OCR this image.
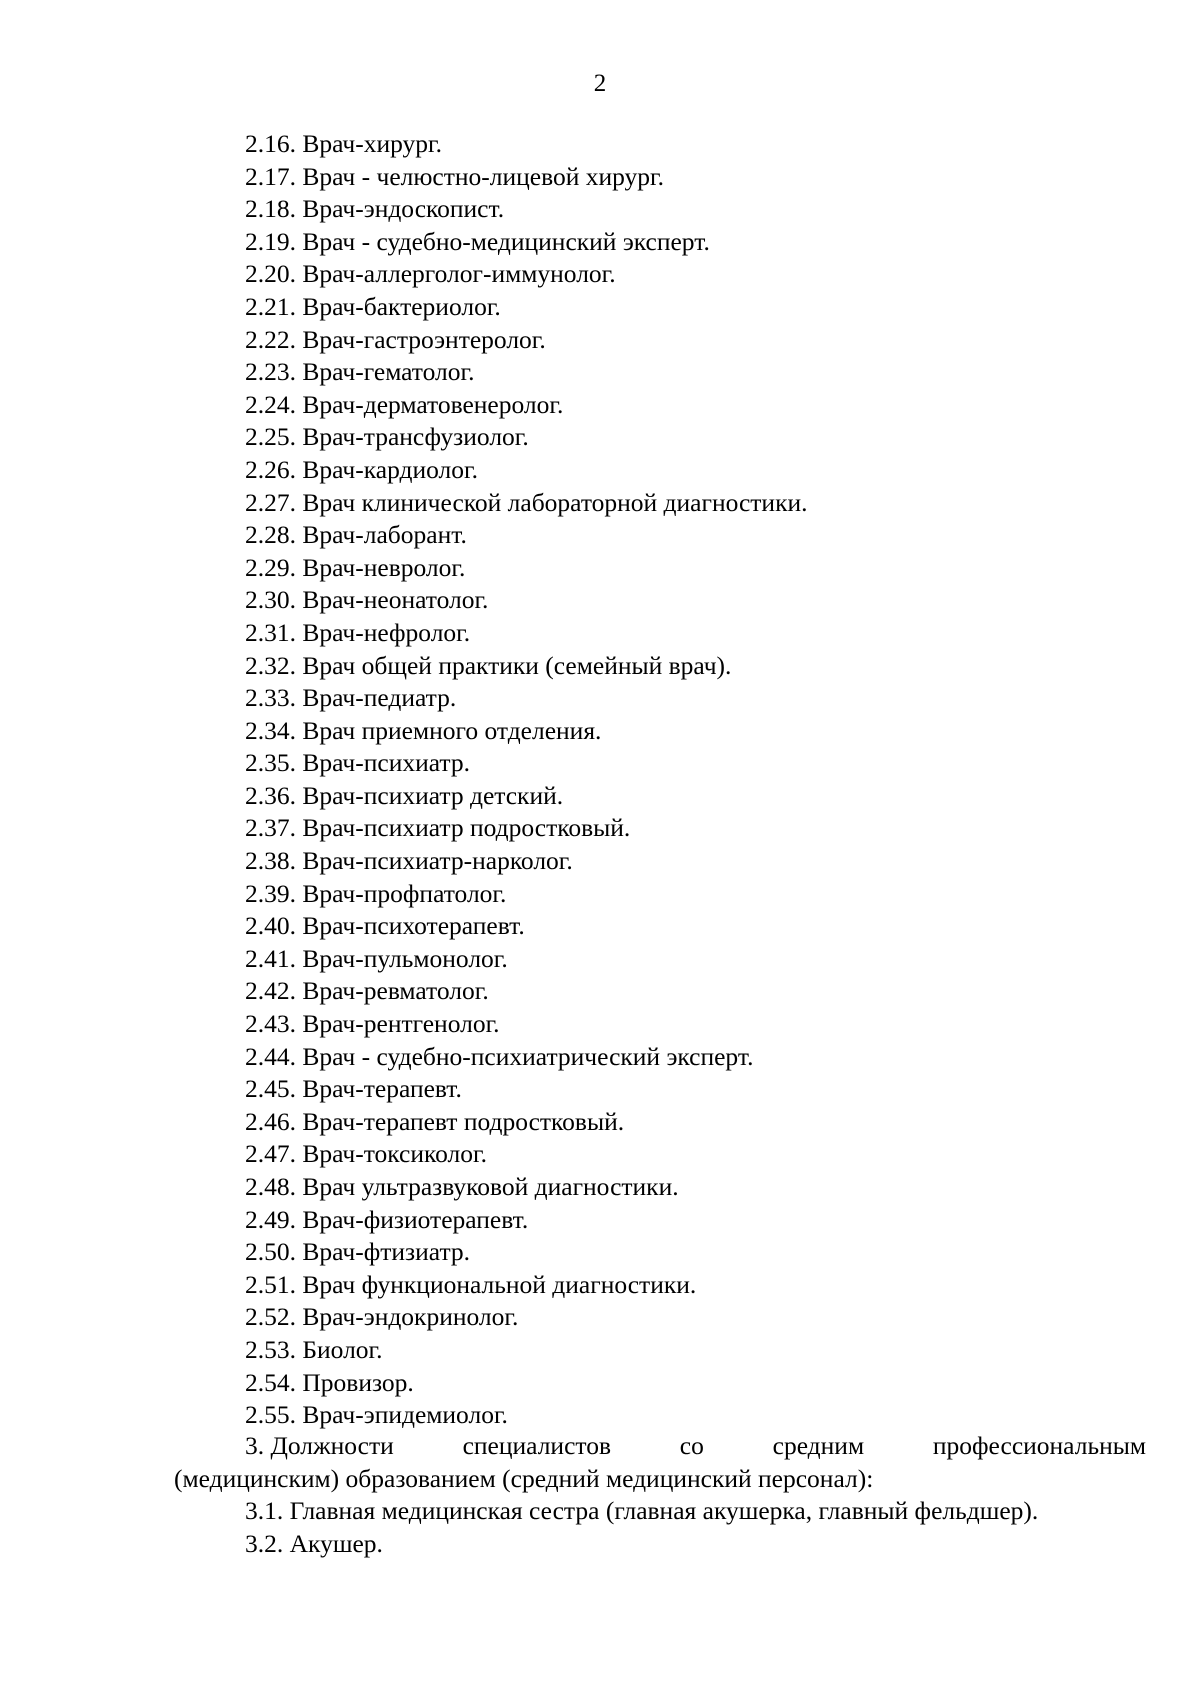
2
2.16. Врач-хирург.
2.17. Врач - челюстно-лицевой хирург.
2.18. Врач-эндоскопист.
2.19. Врач - судебно-медицинский эксперт.
2.20. Врач-аллерголог-иммунолог.
2.21. Врач-бактериолог.
2.22. Врач-гастроэнтеролог.
2.23. Врач-гематолог.
2.24. Врач-дерматовенеролог.
2.25. Врач-трансфузиолог.
2.26. Врач-кардиолог.
2.27. Врач клинической лабораторной диагностики.
2.28. Врач-лаборант.
2.29. Врач-невролог.
2.30. Врач-неонатолог.
2.31. Врач-нефролог.
2.32. Врач общей практики (семейный врач).
2.33. Врач-педиатр.
2.34. Врач приемного отделения.
2.35. Врач-психиатр.
2.36. Врач-психиатр детский.
2.37. Врач-психиатр подростковый.
2.38. Врач-психиатр-нарколог.
2.39. Врач-профпатолог.
2.40. Врач-психотерапевт.
2.41. Врач-пульмонолог.
2.42. Врач-ревматолог.
2.43. Врач-рентгенолог.
2.44. Врач - судебно-психиатрический эксперт.
2.45. Врач-терапевт.
2.46. Врач-терапевт подростковый.
2.47. Врач-токсиколог.
2.48. Врач ультразвуковой диагностики.
2.49. Врач-физиотерапевт.
2.50. Врач-фтизиатр.
2.51. Врач функциональной диагностики.
2.52. Врач-эндокринолог.
2.53. Биолог.
2.54. Провизор.
2.55. Врач-эпидемиолог.
3. Должности	специалистов	со	средним	профессиональным
(медицинским) образованием (средний медицинский персонал):
3.1. Главная медицинская сестра (главная акушерка, главный фельдшер).
3.2. Акушер.
